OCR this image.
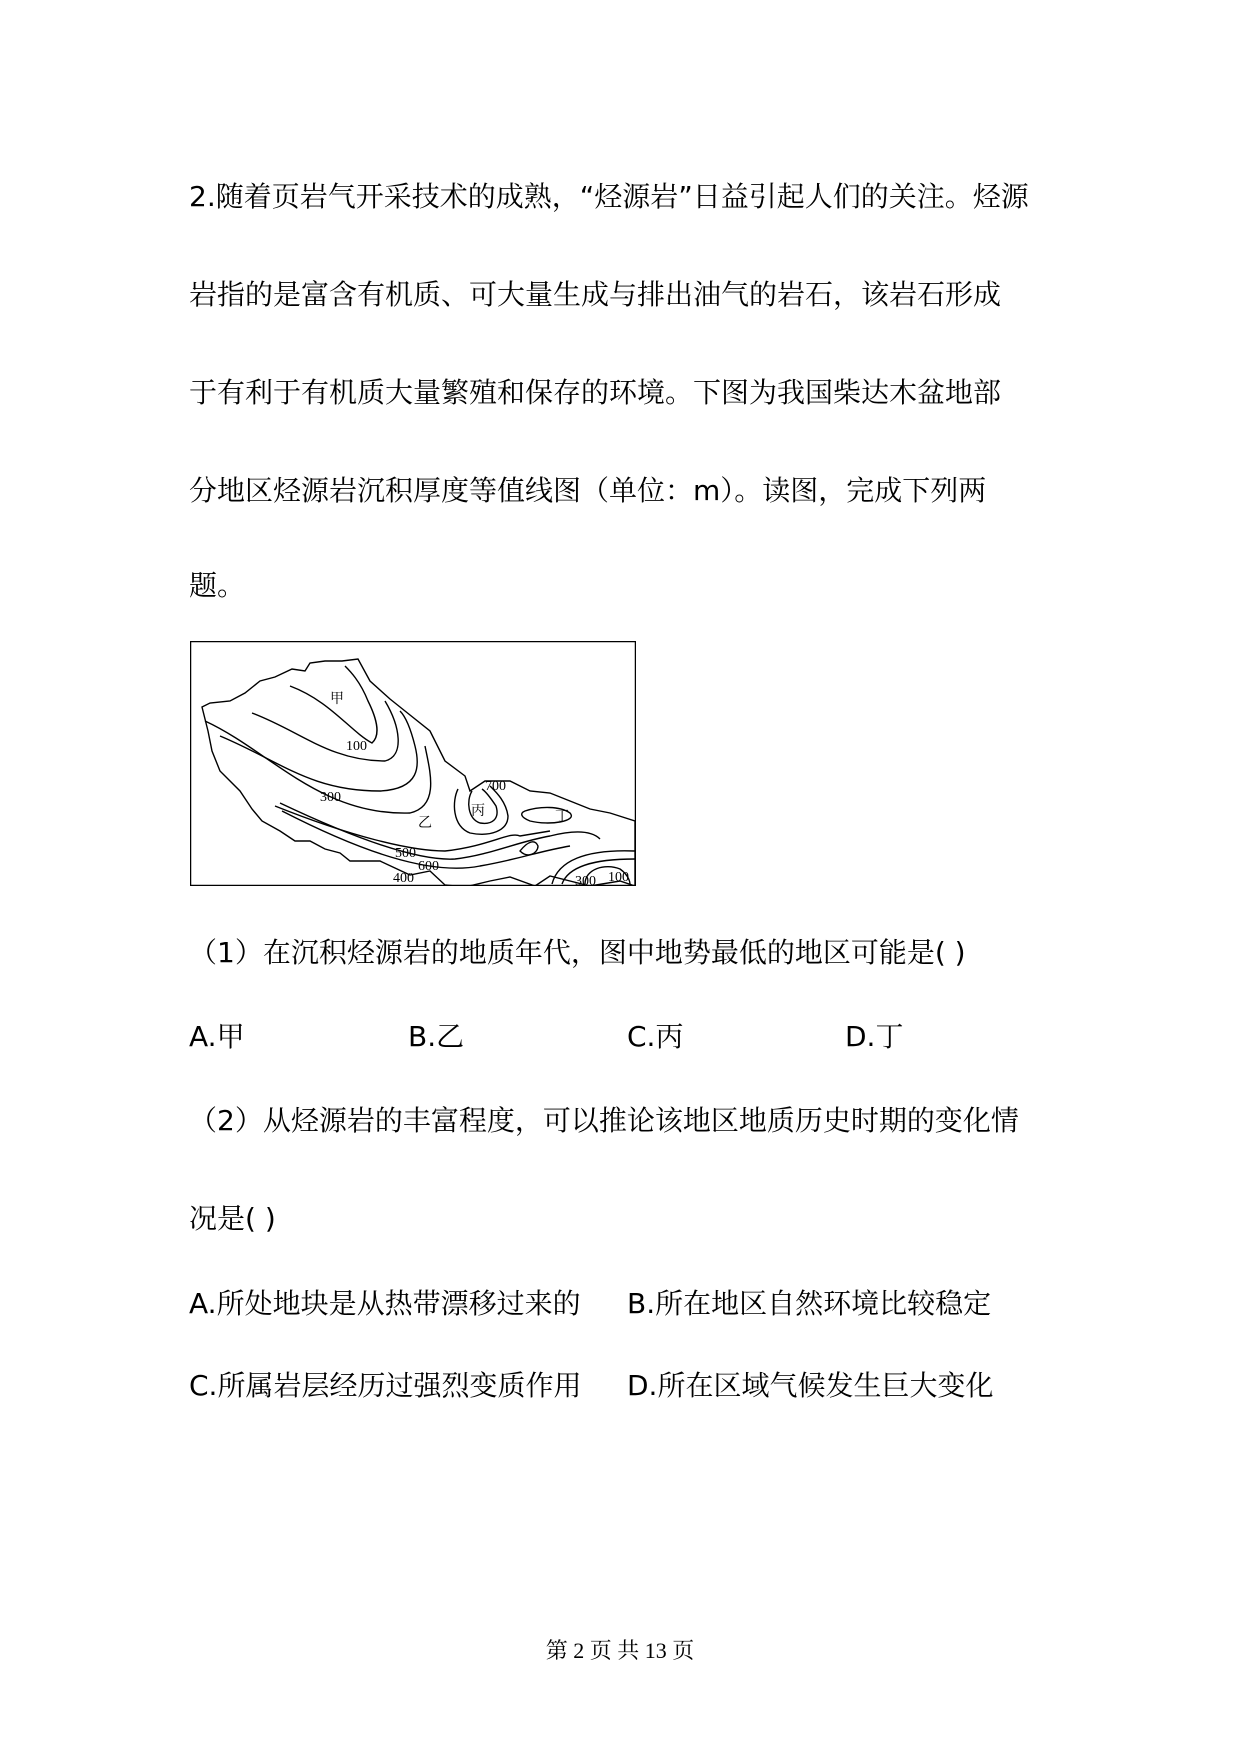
2.随着页岩气开采技术的成熟，“烃源岩”日益引起人们的关注。烃源
岩指的是富含有机质、可大量生成与排出油气的岩石，该岩石形成
于有利于有机质大量繁殖和保存的环境。下图为我国柴达木盆地部
分地区烃源岩沉积厚度等值线图（单位：m）。读图，完成下列两
题。
甲
乙
丙	丁
100
300
500
600
400
700
300 100
（1）在沉积烃源岩的地质年代，图中地势最低的地区可能是( )
A.甲	B.乙	C.丙	D.丁
（2）从烃源岩的丰富程度，可以推论该地区地质历史时期的变化情
况是( )
A.所处地块是从热带漂移过来的 B.所在地区自然环境比较稳定
C.所属岩层经历过强烈变质作用 D.所在区域气候发生巨大变化
第 2 页 共 13 页
